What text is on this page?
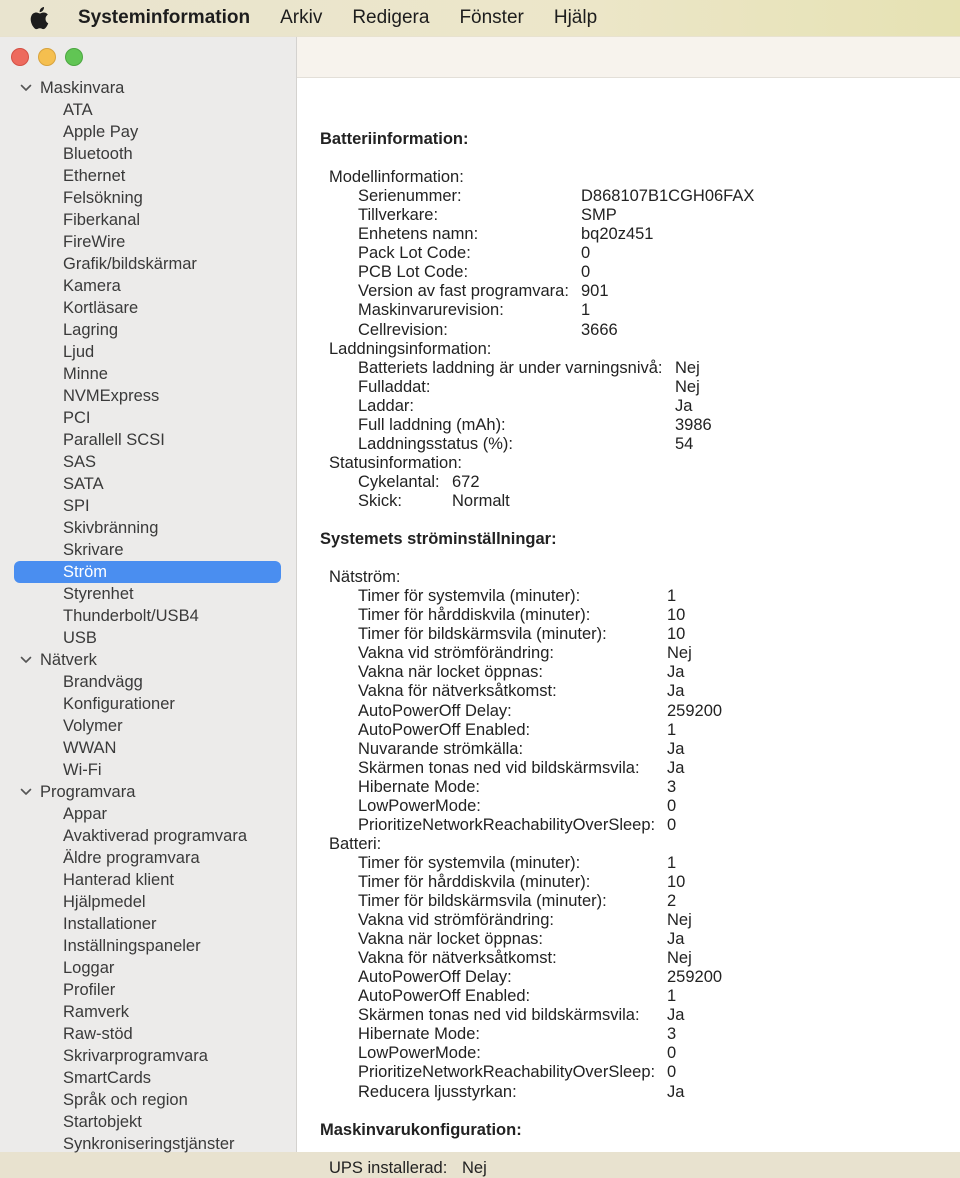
Systeminformation Arkiv Redigera Fönster Hjälp
Maskinvara
ATA
Apple Pay
Bluetooth
Ethernet
Felsökning
Fiberkanal
FireWire
Grafik/bildskärmar
Kamera
Kortläsare
Lagring
Ljud
Minne
NVMExpress
PCI
Parallell SCSI
SAS
SATA
SPI
Skivbränning
Skrivare
Ström
Styrenhet
Thunderbolt/USB4
USB
Nätverk
Brandvägg
Konfigurationer
Volymer
WWAN
Wi-Fi
Programvara
Appar
Avaktiverad programvara
Äldre programvara
Hanterad klient
Hjälpmedel
Installationer
Inställningspaneler
Loggar
Profiler
Ramverk
Raw-stöd
Skrivarprogramvara
SmartCards
Språk och region
Startobjekt
Synkroniseringstjänster
Batteriinformation:
Modellinformation:
Serienummer:	D868107B1CGH06FAX
Tillverkare:	SMP
Enhetens namn:	bq20z451
Pack Lot Code:	0
PCB Lot Code:	0
Version av fast programvara: 901
Maskinvarurevision:	1
Cellrevision:	3666
Laddningsinformation:
Batteriets laddning är under varningsnivå: Nej
Fulladdat:	Nej
Laddar:	Ja
Full laddning (mAh):	3986
Laddningsstatus (%):	54
Statusinformation:
Cykelantal: 672
Skick:	Normalt
Systemets ströminställningar:
Nätström:
Timer för systemvila (minuter):	1
Timer för hårddiskvila (minuter):	10
Timer för bildskärmsvila (minuter):	10
Vakna vid strömförändring:	Nej
Vakna när locket öppnas:	Ja
Vakna för nätverksåtkomst:	Ja
AutoPowerOff Delay:	259200
AutoPowerOff Enabled:	1
Nuvarande strömkälla:	Ja
Skärmen tonas ned vid bildskärmsvila: Ja
Hibernate Mode:	3
LowPowerMode:	0
PrioritizeNetworkReachabilityOverSleep: 0
Batteri:
Timer för systemvila (minuter):	1
Timer för hårddiskvila (minuter):	10
Timer för bildskärmsvila (minuter):	2
Vakna vid strömförändring:	Nej
Vakna när locket öppnas:	Ja
Vakna för nätverksåtkomst:	Nej
AutoPowerOff Delay:	259200
AutoPowerOff Enabled:	1
Skärmen tonas ned vid bildskärmsvila: Ja
Hibernate Mode:	3
LowPowerMode:	0
PrioritizeNetworkReachabilityOverSleep: 0
Reducera ljusstyrkan:	Ja
Maskinvarukonfiguration:
UPS installerad: Nej
